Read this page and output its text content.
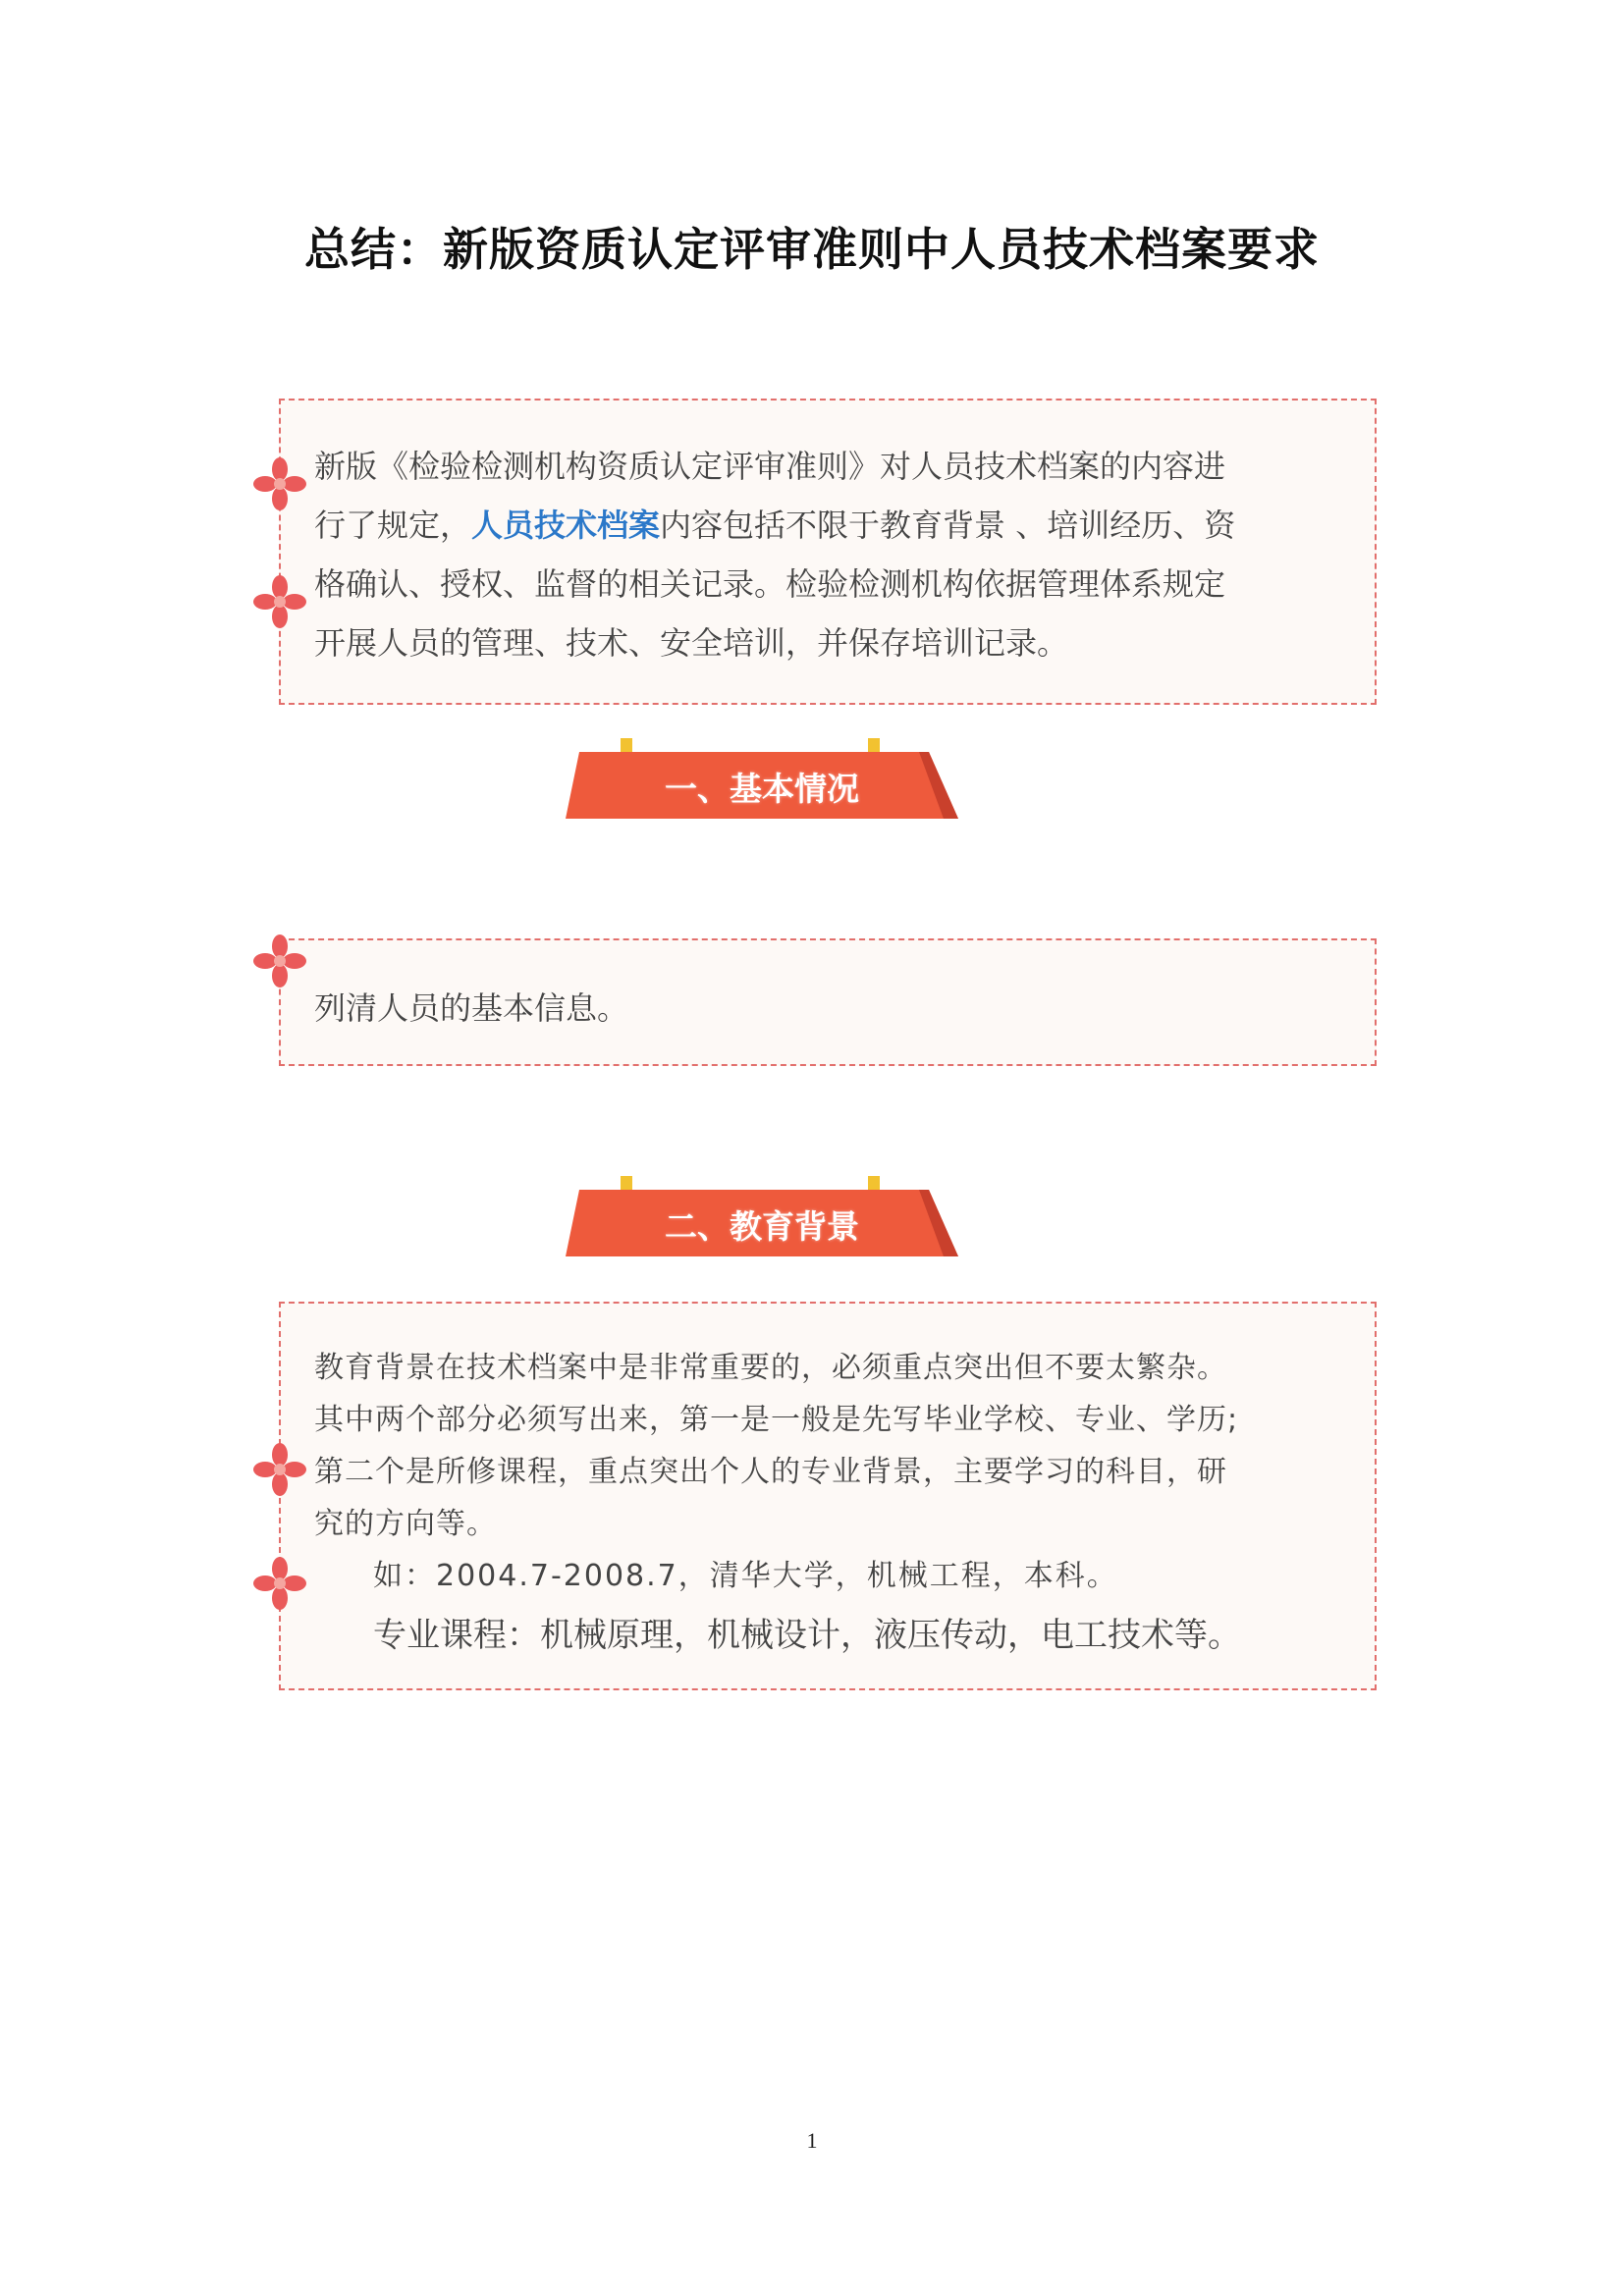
总结：新版资质认定评审准则中人员技术档案要求
新版《检验检测机构资质认定评审准则》对人员技术档案的内容进
行了规定，人员技术档案内容包括不限于教育背景 、培训经历、资
格确认、授权、监督的相关记录。检验检测机构依据管理体系规定
开展人员的管理、技术、安全培训，并保存培训记录。
一、基本情况
列清人员的基本信息。
二、教育背景
教育背景在技术档案中是非常重要的，必须重点突出但不要太繁杂。
其中两个部分必须写出来，第一是一般是先写毕业学校、专业、学历;
第二个是所修课程，重点突出个人的专业背景，主要学习的科目，研
究的方向等。
如：2004.7-2008.7，清华大学，机械工程，本科。
专业课程：机械原理，机械设计，液压传动，电工技术等。
1
